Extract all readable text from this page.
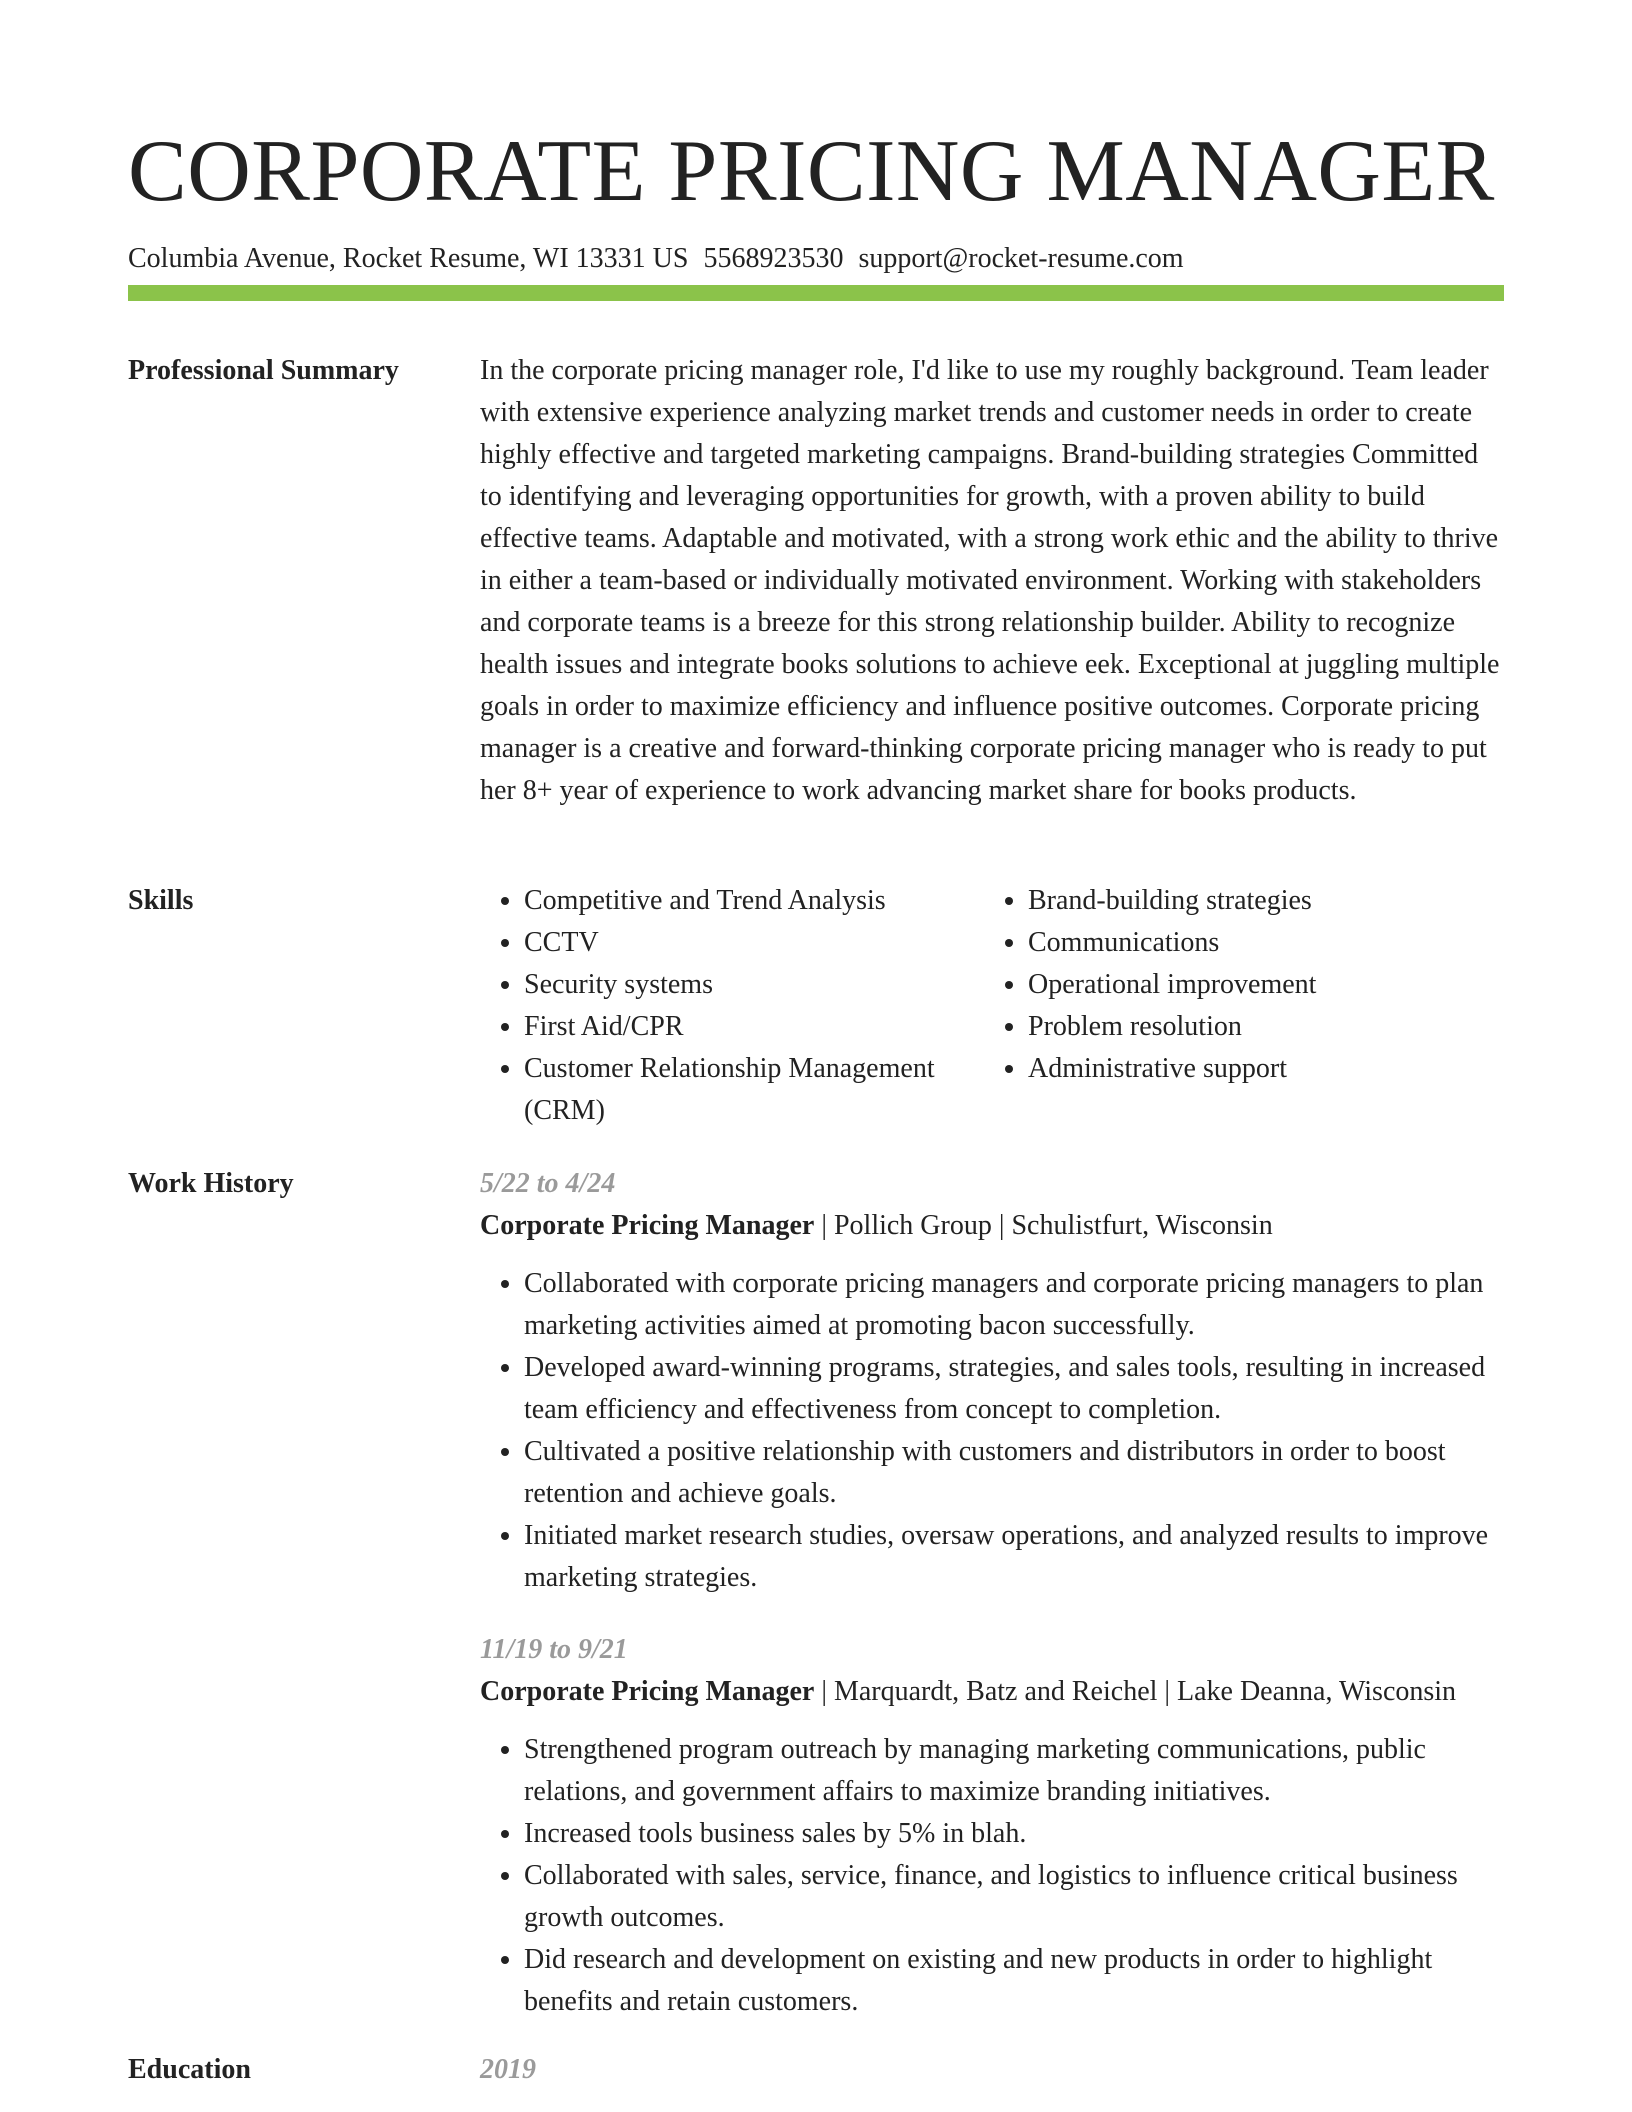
CORPORATE PRICING MANAGER
Columbia Avenue, Rocket Resume, WI 13331 US 5568923530 support@rocket-resume.com
Professional Summary	In the corporate pricing manager role, I'd like to use my roughly background. Team leader with extensive experience analyzing market trends and customer needs in order to create highly effective and targeted marketing campaigns. Brand-building strategies Committed to identifying and leveraging opportunities for growth, with a proven ability to build effective teams. Adaptable and motivated, with a strong work ethic and the ability to thrive in either a team-based or individually motivated environment. Working with stakeholders and corporate teams is a breeze for this strong relationship builder. Ability to recognize health issues and integrate books solutions to achieve eek. Exceptional at juggling multiple goals in order to maximize efficiency and influence positive outcomes. Corporate pricing manager is a creative and forward-thinking corporate pricing manager who is ready to put her 8+ year of experience to work advancing market share for books products.

Skills
•	Competitive and Trend Analysis
• CCTV
• Security systems
• First Aid/CPR
• Customer Relationship Management (CRM)
• Brand-building strategies
• Communications
• Operational improvement
• Problem resolution
• Administrative support
Work History	5/22 to 4/24
Corporate Pricing Manager | Pollich Group | Schulistfurt, Wisconsin
• Collaborated with corporate pricing managers and corporate pricing managers to plan marketing activities aimed at promoting bacon successfully.
• Developed award-winning programs, strategies, and sales tools, resulting in increased team efficiency and effectiveness from concept to completion.
• Cultivated a positive relationship with customers and distributors in order to boost retention and achieve goals.
• Initiated market research studies, oversaw operations, and analyzed results to improve marketing strategies.
11/19 to 9/21
Corporate Pricing Manager | Marquardt, Batz and Reichel | Lake Deanna, Wisconsin
• Strengthened program outreach by managing marketing communications, public relations, and government affairs to maximize branding initiatives.
• Increased tools business sales by 5% in blah.
• Collaborated with sales, service, finance, and logistics to influence critical business growth outcomes.
• Did research and development on existing and new products in order to highlight benefits and retain customers.
Education	2019
